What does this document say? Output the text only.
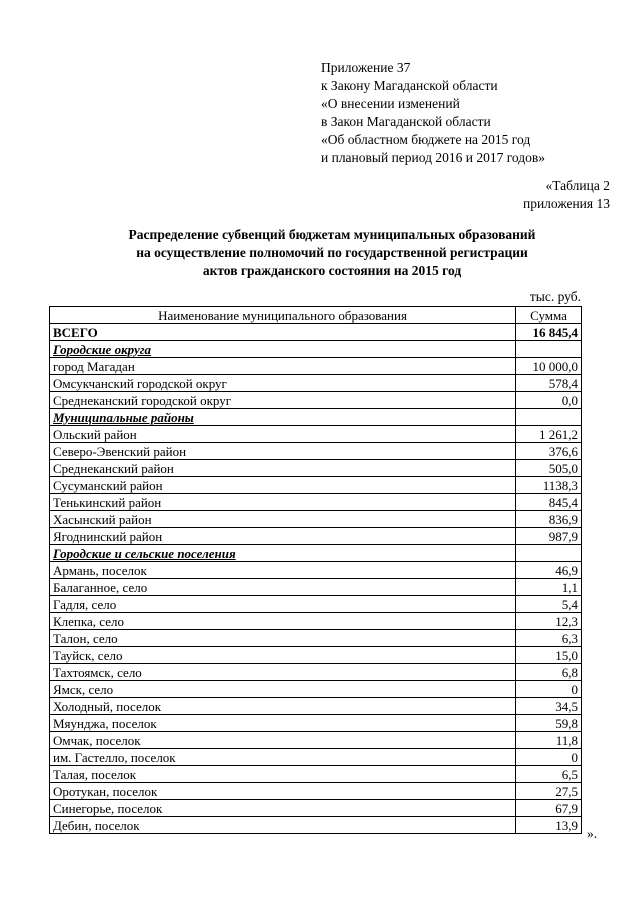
Приложение 37
к Закону Магаданской области
«О внесении изменений
в Закон Магаданской области
«Об областном бюджете на 2015 год
и плановый период 2016 и 2017 годов»
«Таблица 2
приложения 13
Распределение субвенций бюджетам муниципальных образований
на осуществление полномочий по государственной регистрации
актов гражданского состояния на 2015 год
тыс. руб.
Наименование муниципального образования	Сумма
ВСЕГО	16 845,4
Городские округа	
город Магадан	10 000,0
Омсукчанский городской округ	578,4
Среднеканский городской округ	0,0
Муниципальные районы	
Ольский район	1 261,2
Северо-Эвенский район	376,6
Среднеканский район	505,0
Сусуманский район	1138,3
Тенькинский район	845,4
Хасынский район	836,9
Ягоднинский район	987,9
Городские и сельские поселения	
Армань, поселок	46,9
Балаганное, село	1,1
Гадля, село	5,4
Клепка, село	12,3
Талон, село	6,3
Тауйск, село	15,0
Тахтоямск, село	6,8
Ямск, село	0
Холодный, поселок	34,5
Мяунджа, поселок	59,8
Омчак, поселок	11,8
им. Гастелло, поселок	0
Талая, поселок	6,5
Оротукан, поселок	27,5
Синегорье, поселок	67,9
Дебин, поселок	13,9
».
